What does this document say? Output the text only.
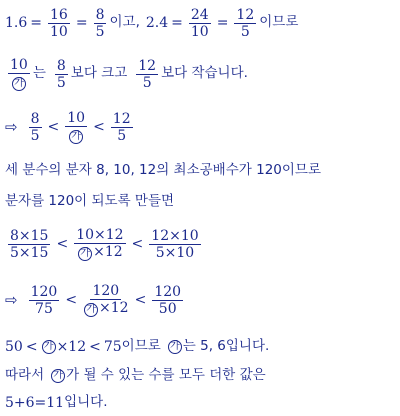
$1.6 = \frac{16}{10} = \frac{8}{5}$ 이고, $2.4 = \frac{24}{10} = \frac{12}{5}$ 이므로
$\frac{10}{\text{가}}$ 는 $\frac{8}{5}$ 보다 크고 $\frac{12}{5}$ 보다 작습니다.
⇨ $\frac{8}{5} < \frac{10}{\text{가}} < \frac{12}{5}$
세 분수의 분자 8, 10, 12의 최소공배수가 120이므로
분자를 120이 되도록 만들면
$\frac{8\times 15}{5\times 15} < \frac{10\times 12}{\text{가 ×12}} < \frac{12\times 10}{5\times 10}$
⇨ $\frac{120}{75} < \frac{120}{\text{가 ×12}} < \frac{120}{50}$
50 < 가 ×12 < 75 이므로 가 는 5, 6입니다.
따라서 가 가 될 수 있는 수를 모두 더한 값은
5+6=11 입니다.
